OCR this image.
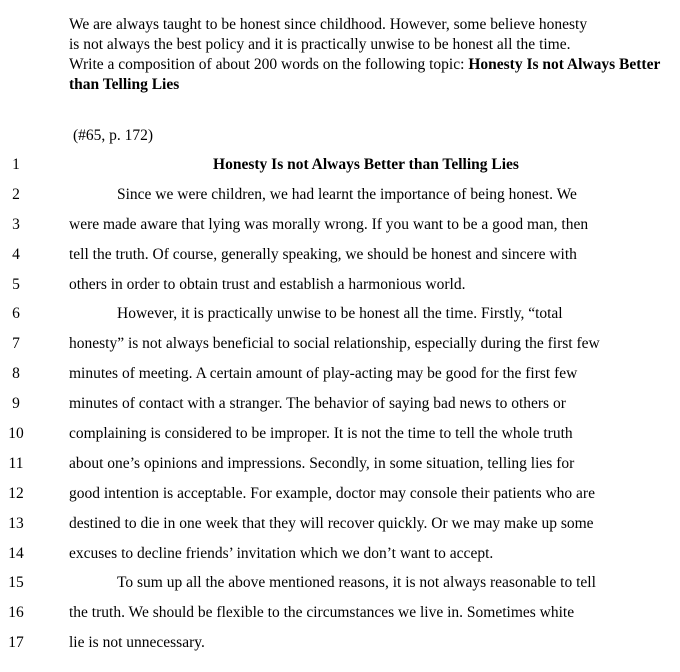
We are always taught to be honest since childhood. However, some believe honesty
is not always the best policy and it is practically unwise to be honest all the time.
Write a composition of about 200 words on the following topic: Honesty Is not Always Better than Telling Lies
(#65, p. 172)
1	Honesty Is not Always Better than Telling Lies
2	Since we were children, we had learnt the importance of being honest. We
3	were made aware that lying was morally wrong. If you want to be a good man, then
4	tell the truth. Of course, generally speaking, we should be honest and sincere with
5	others in order to obtain trust and establish a harmonious world.
6	However, it is practically unwise to be honest all the time. Firstly, “total
7	honesty” is not always beneficial to social relationship, especially during the first few
8	minutes of meeting. A certain amount of play-acting may be good for the first few
9	minutes of contact with a stranger. The behavior of saying bad news to others or
10	complaining is considered to be improper. It is not the time to tell the whole truth
11	about one’s opinions and impressions. Secondly, in some situation, telling lies for
12	good intention is acceptable. For example, doctor may console their patients who are
13	destined to die in one week that they will recover quickly. Or we may make up some
14	excuses to decline friends’ invitation which we don’t want to accept.
15	To sum up all the above mentioned reasons, it is not always reasonable to tell
16	the truth. We should be flexible to the circumstances we live in. Sometimes white
17	lie is not unnecessary.
